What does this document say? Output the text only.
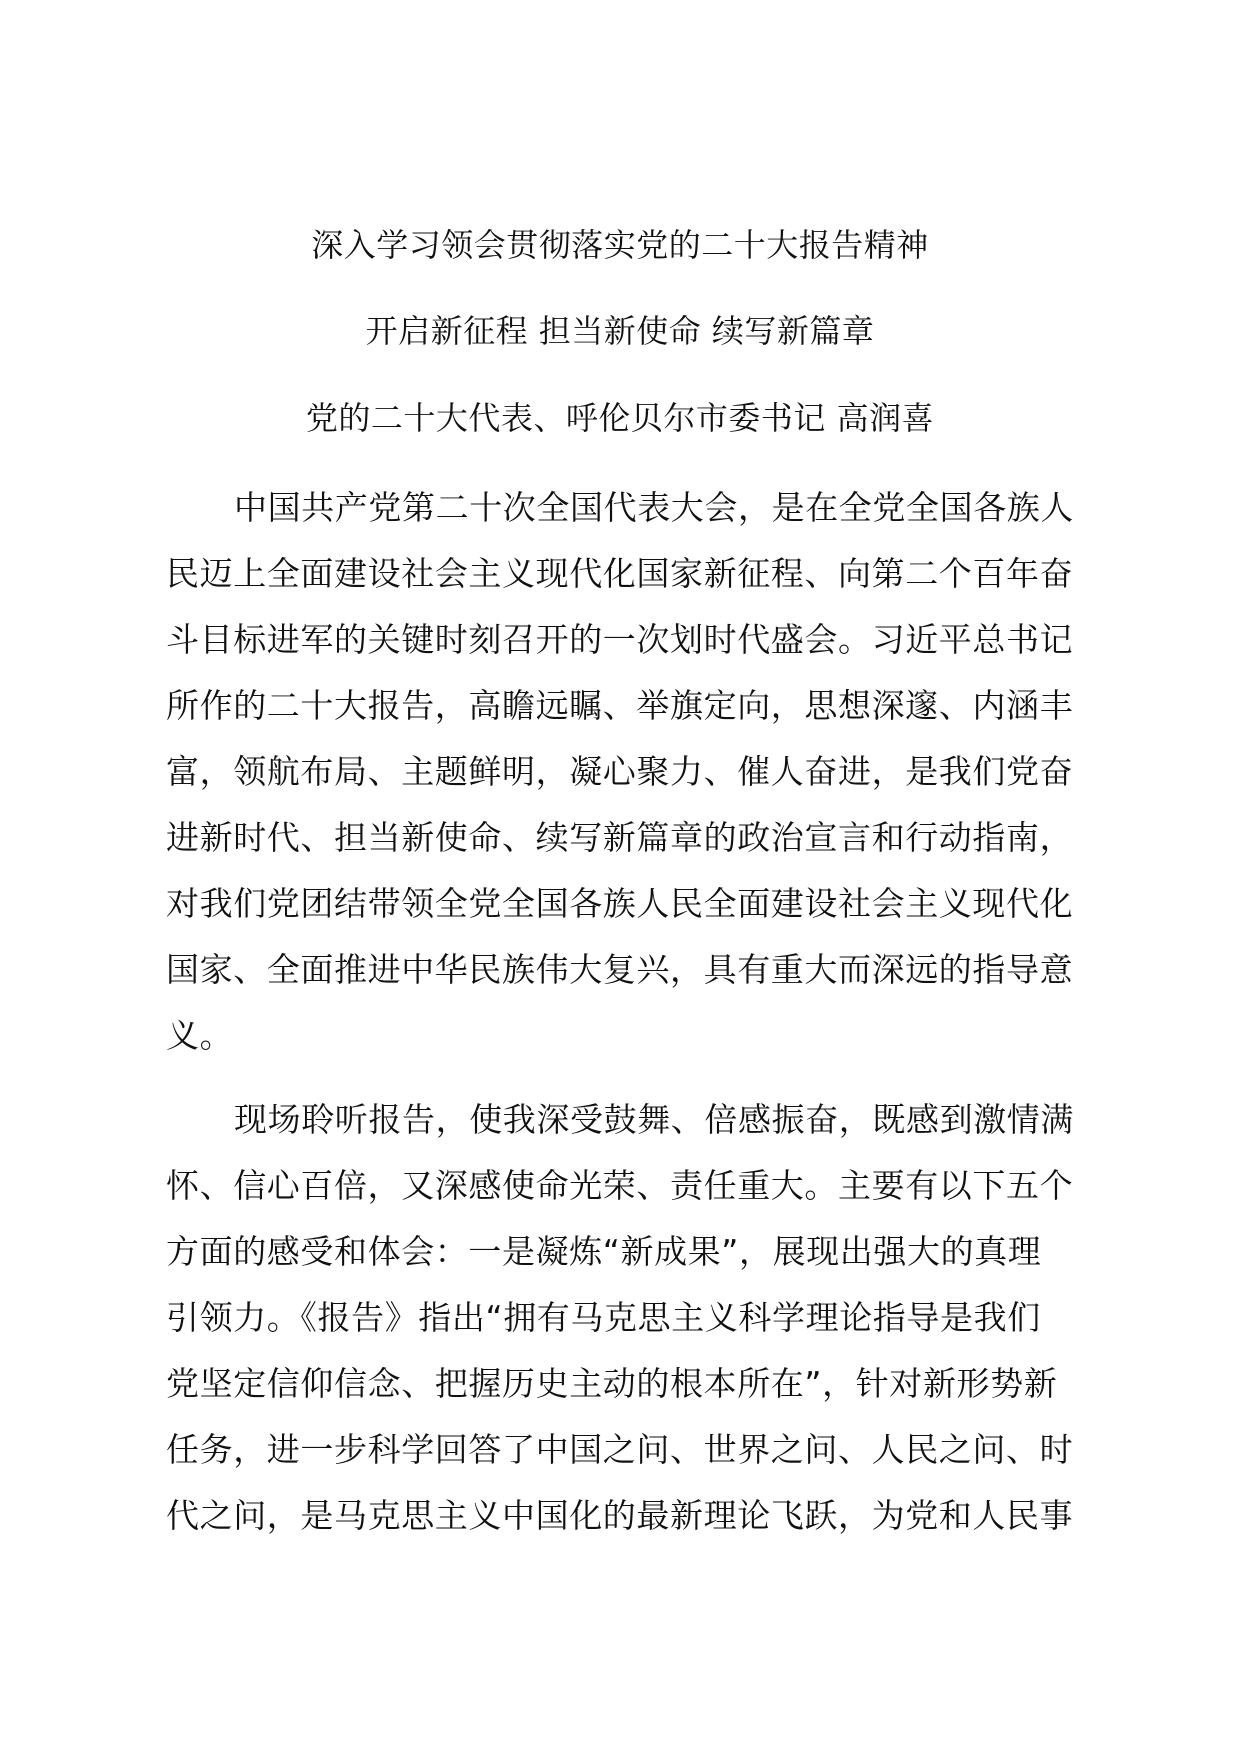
深入学习领会贯彻落实党的二十大报告精神
开启新征程 担当新使命 续写新篇章
党的二十大代表、呼伦贝尔市委书记 高润喜
中国共产党第二十次全国代表大会，是在全党全国各族人
民迈上全面建设社会主义现代化国家新征程、向第二个百年奋
斗目标进军的关键时刻召开的一次划时代盛会。习近平总书记
所作的二十大报告，高瞻远瞩、举旗定向，思想深邃、内涵丰
富，领航布局、主题鲜明，凝心聚力、催人奋进，是我们党奋
进新时代、担当新使命、续写新篇章的政治宣言和行动指南，
对我们党团结带领全党全国各族人民全面建设社会主义现代化
国家、全面推进中华民族伟大复兴，具有重大而深远的指导意
义。
现场聆听报告，使我深受鼓舞、倍感振奋，既感到激情满
怀、信心百倍，又深感使命光荣、责任重大。主要有以下五个
方面的感受和体会：一是凝炼“新成果”，展现出强大的真理
引领力。《报告》指出“拥有马克思主义科学理论指导是我们
党坚定信仰信念、把握历史主动的根本所在”，针对新形势新
任务，进一步科学回答了中国之问、世界之问、人民之问、时
代之问，是马克思主义中国化的最新理论飞跃，为党和人民事
